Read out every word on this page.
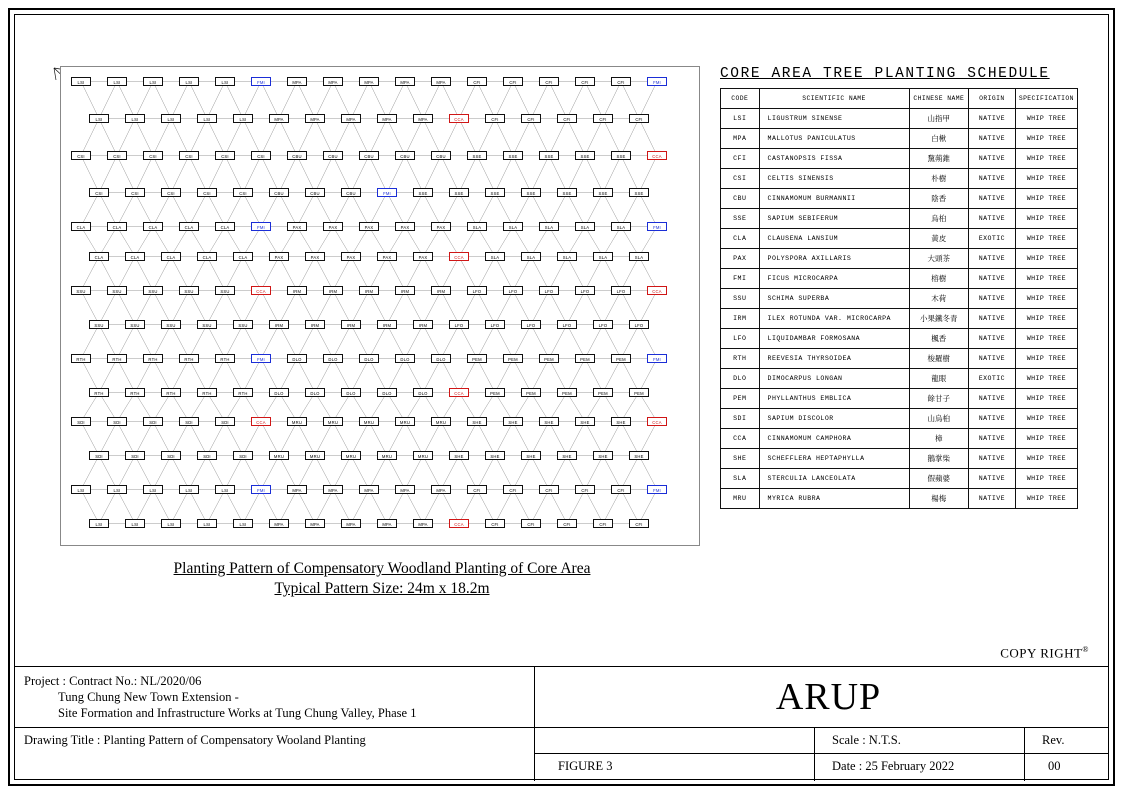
LSI	LSI	LSI	LSI	LSI	FMI	MPA	MPA	MPA	MPA	MPA	CFI	CFI	CFI	CFI	CFI	FMI
LSI	LSI	LSI	LSI	LSI	MPA	MPA	MPA	MPA	MPA	CCA	CFI	CFI	CFI	CFI	CFI
CSI	CSI	CSI	CSI	CSI	CSI	CBU	CBU	CBU	CBU	CBU	SSE	SSE	SSE	SSE	SSE	CCA
CSI	CSI	CSI	CSI	CSI	CBU	CBU	CBU	FMI	SSE	SSE	SSE	SSE	SSE	SSE	SSE
CLA	CLA	CLA	CLA	CLA	FMI	PAX	PAX	PAX	PAX	PAX	SLA	SLA	SLA	SLA	SLA	FMI
CLA	CLA	CLA	CLA	CLA	PAX	PAX	PAX	PAX	PAX	CCA	SLA	SLA	SLA	SLA	SLA
SSU	SSU	SSU	SSU	SSU	CCA	IRM	IRM	IRM	IRM	IRM	LFO	LFO	LFO	LFO	LFO	CCA
SSU	SSU	SSU	SSU	SSU	IRM	IRM	IRM	IRM	IRM	LFO	LFO	LFO	LFO	LFO	LFO
RTH	RTH	RTH	RTH	RTH	FMI	DLO	DLO	DLO	DLO	DLO	PEM	PEM	PEM	PEM	PEM	FMI
RTH	RTH	RTH	RTH	RTH	DLO	DLO	DLO	DLO	DLO	CCA	PEM	PEM	PEM	PEM	PEM
SDI	SDI	SDI	SDI	SDI	CCA	MRU	MRU	MRU	MRU	MRU	SHE	SHE	SHE	SHE	SHE	CCA
SDI	SDI	SDI	SDI	SDI	MRU	MRU	MRU	MRU	MRU	SHE	SHE	SHE	SHE	SHE	SHE
LSI	LSI	LSI	LSI	LSI	FMI	MPA	MPA	MPA	MPA	MPA	CFI	CFI	CFI	CFI	CFI	FMI
LSI	LSI	LSI	LSI	LSI	MPA	MPA	MPA	MPA	MPA	CCA	CFI	CFI	CFI	CFI	CFI
Planting Pattern of Compensatory Woodland Planting of Core Area
Typical Pattern Size: 24m x 18.2m
CORE AREA TREE PLANTING SCHEDULE
CODE	SCIENTIFIC NAME	CHINESE NAME	ORIGIN	SPECIFICATION
LSI	LIGUSTRUM SINENSE	山指甲	NATIVE	WHIP TREE
MPA	MALLOTUS PANICULATUS	白楸	NATIVE	WHIP TREE
CFI	CASTANOPSIS FISSA	黧蒴錐	NATIVE	WHIP TREE
CSI	CELTIS SINENSIS	朴樹	NATIVE	WHIP TREE
CBU	CINNAMOMUM BURMANNII	陰香	NATIVE	WHIP TREE
SSE	SAPIUM SEBIFERUM	烏桕	NATIVE	WHIP TREE
CLA	CLAUSENA LANSIUM	黃皮	EXOTIC	WHIP TREE
PAX	POLYSPORA AXILLARIS	大頭茶	NATIVE	WHIP TREE
FMI	FICUS MICROCARPA	榕樹	NATIVE	WHIP TREE
SSU	SCHIMA SUPERBA	木荷	NATIVE	WHIP TREE
IRM	ILEX ROTUNDA VAR. MICROCARPA	小果鐵冬青	NATIVE	WHIP TREE
LFO	LIQUIDAMBAR FORMOSANA	楓香	NATIVE	WHIP TREE
RTH	REEVESIA THYRSOIDEA	梭羅樹	NATIVE	WHIP TREE
DLO	DIMOCARPUS LONGAN	龍眼	EXOTIC	WHIP TREE
PEM	PHYLLANTHUS EMBLICA	餘甘子	NATIVE	WHIP TREE
SDI	SAPIUM DISCOLOR	山烏桕	NATIVE	WHIP TREE
CCA	CINNAMOMUM CAMPHORA	樟	NATIVE	WHIP TREE
SHE	SCHEFFLERA HEPTAPHYLLA	鵝掌柴	NATIVE	WHIP TREE
SLA	STERCULIA LANCEOLATA	假蘋婆	NATIVE	WHIP TREE
MRU	MYRICA RUBRA	楊梅	NATIVE	WHIP TREE
COPY RIGHT®
Project : Contract No.: NL/2020/06
Tung Chung New Town Extension -
Site Formation and Infrastructure Works at Tung Chung Valley, Phase 1	ARUP
Drawing Title : Planting Pattern of Compensatory Wooland Planting
FIGURE 3
Scale : N.T.S.
Date : 25 February 2022
Rev.
00
